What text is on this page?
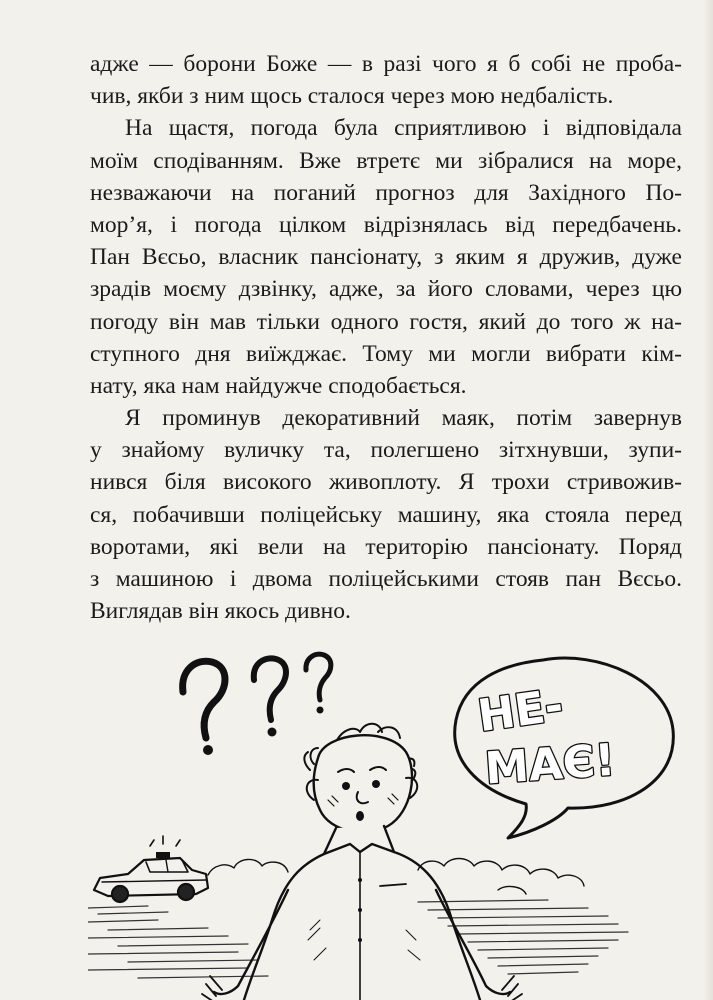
адже — борони Боже — в разі чого я б собі не проба-
чив, якби з ним щось сталося через мою недбалість.
На щастя, погода була сприятливою і відповідала
моїм сподіванням. Вже втретє ми зібралися на море,
незважаючи на поганий прогноз для Західного По-
мор’я, і погода цілком відрізнялась від передбачень.
Пан Вєсьо, власник пансіонату, з яким я дружив, дуже
зрадів моєму дзвінку, адже, за його словами, через цю
погоду він мав тільки одного гостя, який до того ж на-
ступного дня виїжджає. Тому ми могли вибрати кім-
нату, яка нам найдужче сподобається.
Я проминув декоративний маяк, потім завернув
у знайому вуличку та, полегшено зітхнувши, зупи-
нився біля високого живоплоту. Я трохи стривожив-
ся, побачивши поліцейську машину, яка стояла перед
воротами, які вели на територію пансіонату. Поряд
з машиною і двома поліцейськими стояв пан Вєсьо.
Виглядав він якось дивно.
НЕ-
МАЄ!
